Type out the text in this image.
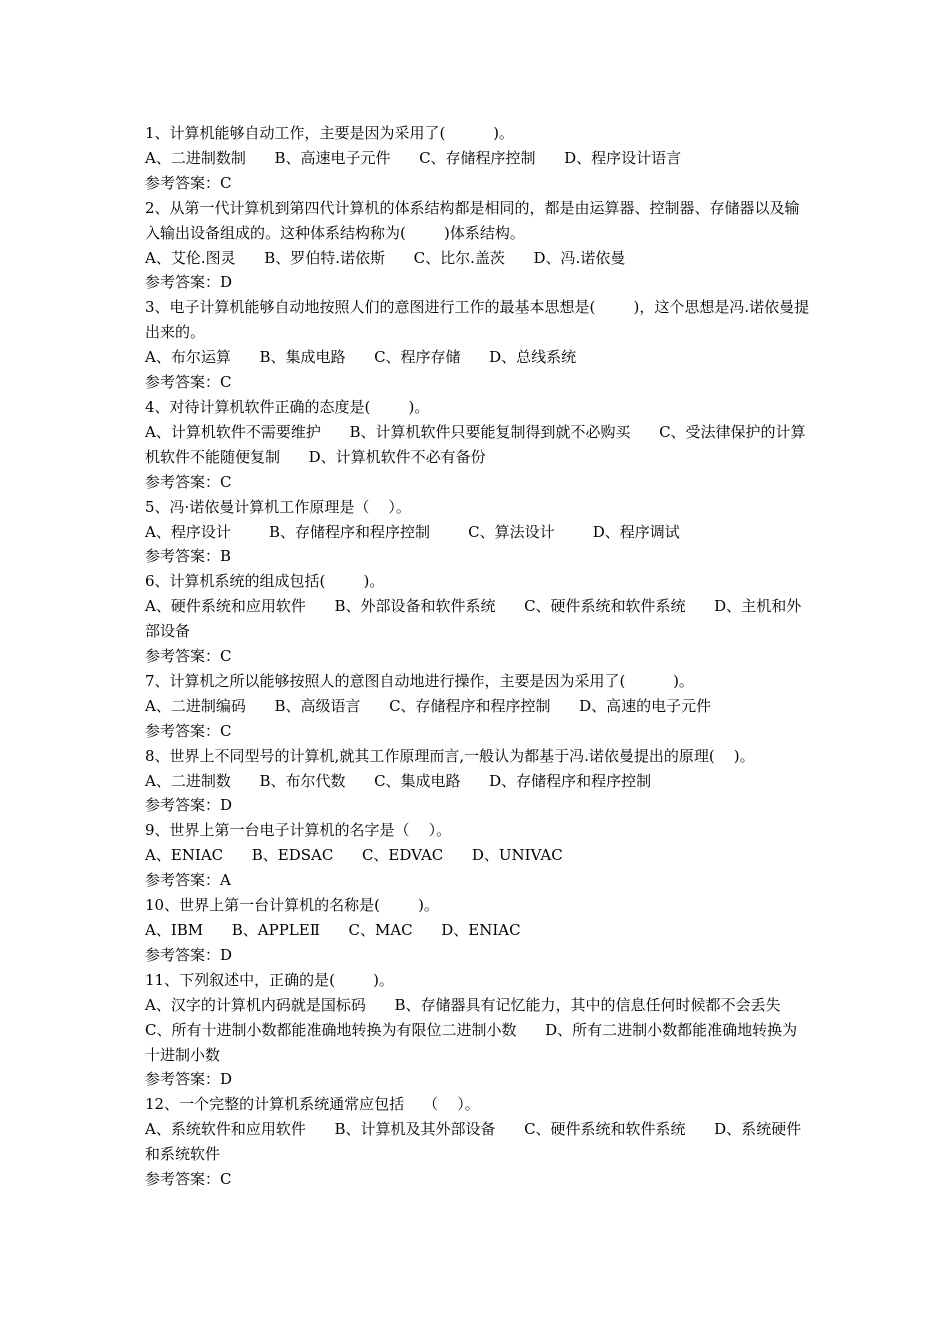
1、计算机能够自动工作，主要是因为采用了(          )。

A、二进制数制      B、高速电子元件      C、存储程序控制      D、程序设计语言

参考答案：C

2、从第一代计算机到第四代计算机的体系结构都是相同的，都是由运算器、控制器、存储器以及输入输出设备组成的。这种体系结构称为(        )体系结构。

A、艾伦.图灵      B、罗伯特.诺依斯      C、比尔.盖茨      D、冯.诺依曼

参考答案：D

3、电子计算机能够自动地按照人们的意图进行工作的最基本思想是(        )，这个思想是冯.诺依曼提出来的。

A、布尔运算      B、集成电路      C、程序存储      D、总线系统

参考答案：C

4、对待计算机软件正确的态度是(        )。

A、计算机软件不需要维护      B、计算机软件只要能复制得到就不必购买      C、受法律保护的计算机软件不能随便复制      D、计算机软件不必有备份

参考答案：C

5、冯·诺依曼计算机工作原理是（    ）。

A、程序设计        B、存储程序和程序控制        C、算法设计        D、程序调试

参考答案：B

6、计算机系统的组成包括(        )。

A、硬件系统和应用软件      B、外部设备和软件系统      C、硬件系统和软件系统      D、主机和外部设备

参考答案：C

7、计算机之所以能够按照人的意图自动地进行操作，主要是因为采用了(          )。

A、二进制编码      B、高级语言      C、存储程序和程序控制      D、高速的电子元件

参考答案：C

8、世界上不同型号的计算机,就其工作原理而言,一般认为都基于冯.诺依曼提出的原理(    )。

A、二进制数      B、布尔代数      C、集成电路      D、存储程序和程序控制

参考答案：D

9、世界上第一台电子计算机的名字是（    ）。

A、ENIAC      B、EDSAC      C、EDVAC      D、UNIVAC

参考答案：A

10、世界上第一台计算机的名称是(        )。

A、IBM      B、APPLEⅡ      C、MAC      D、ENIAC

参考答案：D

11、下列叙述中，正确的是(        )。

A、汉字的计算机内码就是国标码      B、存储器具有记忆能力，其中的信息任何时候都不会丢失      C、所有十进制小数都能准确地转换为有限位二进制小数      D、所有二进制小数都能准确地转换为十进制小数

参考答案：D

12、一个完整的计算机系统通常应包括    （    ）。

A、系统软件和应用软件      B、计算机及其外部设备      C、硬件系统和软件系统      D、系统硬件和系统软件

参考答案：C
